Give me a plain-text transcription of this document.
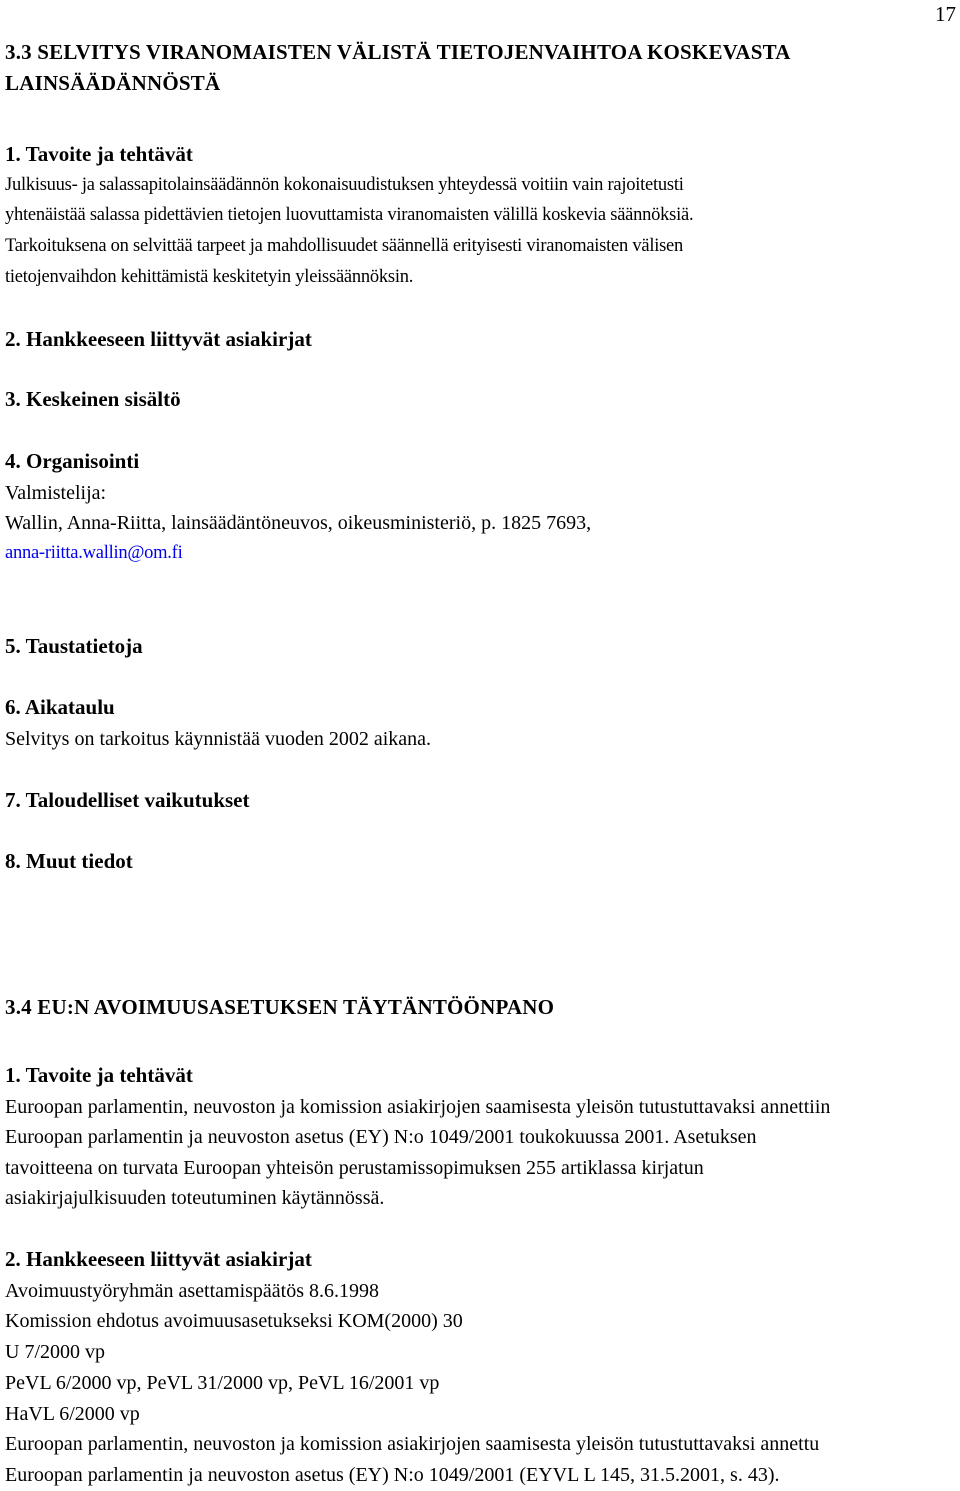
17
3.3 SELVITYS VIRANOMAISTEN VÄLISTÄ TIETOJENVAIHTOA KOSKEVASTA
LAINSÄÄDÄNNÖSTÄ
1. Tavoite ja tehtävät
Julkisuus- ja salassapitolainsäädännön kokonaisuudistuksen yhteydessä voitiin vain rajoitetusti
yhtenäistää salassa pidettävien tietojen luovuttamista viranomaisten välillä koskevia säännöksiä.
Tarkoituksena on selvittää tarpeet ja mahdollisuudet säännellä erityisesti viranomaisten välisen
tietojenvaihdon kehittämistä keskitetyin yleissäännöksin.
2. Hankkeeseen liittyvät asiakirjat
3. Keskeinen sisältö
4. Organisointi
Valmistelija:
Wallin, Anna-Riitta, lainsäädäntöneuvos, oikeusministeriö, p. 1825 7693,
anna-riitta.wallin@om.fi
5. Taustatietoja
6. Aikataulu
Selvitys on tarkoitus käynnistää vuoden 2002 aikana.
7. Taloudelliset vaikutukset
8. Muut tiedot
3.4 EU:N AVOIMUUSASETUKSEN TÄYTÄNTÖÖNPANO
1. Tavoite ja tehtävät
Euroopan parlamentin, neuvoston ja komission asiakirjojen saamisesta yleisön tutustuttavaksi annettiin
Euroopan parlamentin ja neuvoston asetus (EY) N:o 1049/2001 toukokuussa 2001. Asetuksen
tavoitteena on turvata Euroopan yhteisön perustamissopimuksen 255 artiklassa kirjatun
asiakirjajulkisuuden toteutuminen käytännössä.
2. Hankkeeseen liittyvät asiakirjat
Avoimuustyöryhmän asettamispäätös 8.6.1998
Komission ehdotus avoimuusasetukseksi KOM(2000) 30
U 7/2000 vp
PeVL 6/2000 vp, PeVL 31/2000 vp, PeVL 16/2001 vp
HaVL 6/2000 vp
Euroopan parlamentin, neuvoston ja komission asiakirjojen saamisesta yleisön tutustuttavaksi annettu
Euroopan parlamentin ja neuvoston asetus (EY) N:o 1049/2001 (EYVL L 145, 31.5.2001, s. 43).
